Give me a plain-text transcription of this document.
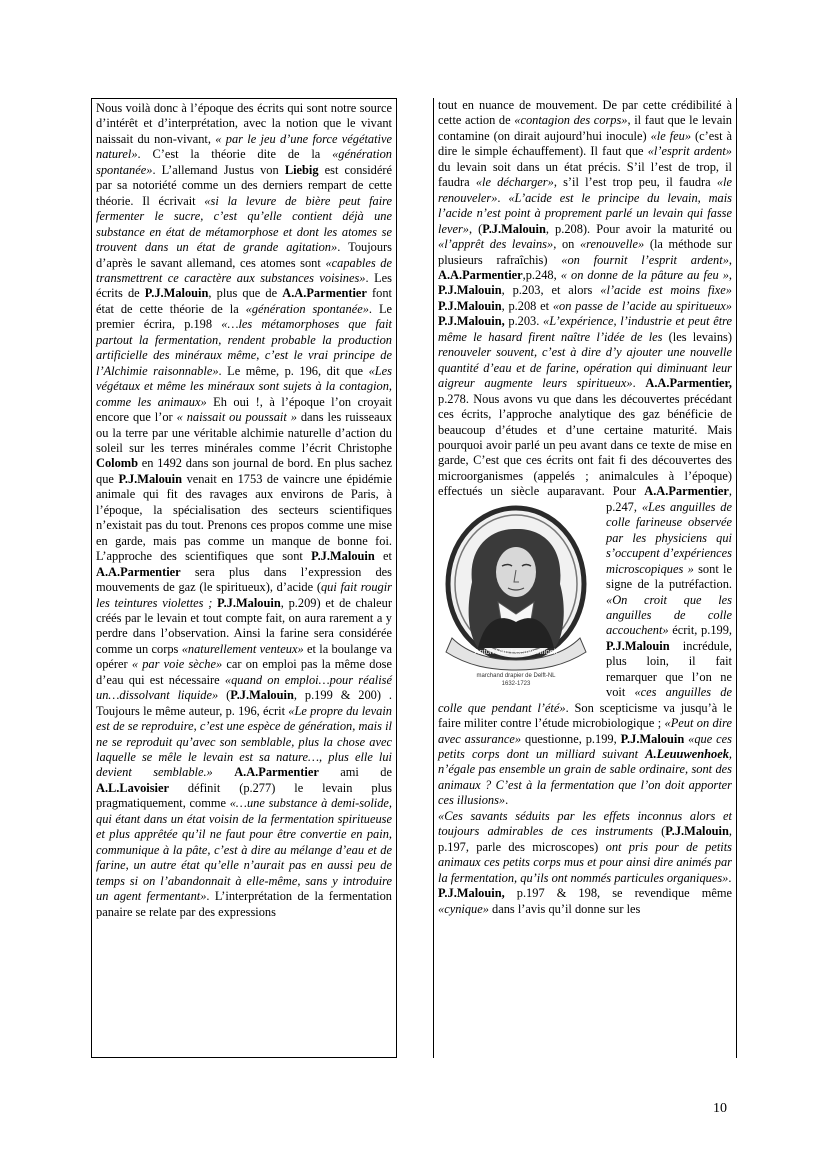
Nous voilà donc à l’époque des écrits qui sont notre source d’intérêt et d’interprétation, avec la notion que le vivant naissait du non-vivant, « par le jeu d’une force végétative naturel». C’est la théorie dite de la «génération spontanée». L’allemand Justus von Liebig est considéré par sa notoriété comme un des derniers rempart de cette théorie. Il écrivait «si la levure de bière peut faire fermenter le sucre, c’est qu’elle contient déjà une substance en état de métamorphose et dont les atomes se trouvent dans un état de grande agitation». Toujours d’après le savant allemand, ces atomes sont «capables de transmettrent ce caractère aux substances voisines». Les écrits de P.J.Malouin, plus que de A.A.Parmentier font état de cette théorie de la «génération spontanée». Le premier écrira, p.198 «…les métamorphoses que fait partout la fermentation, rendent probable la production artificielle des minéraux même, c’est le vrai principe de l’Alchimie raisonnable». Le même, p. 196, dit que «Les végétaux et même les minéraux sont sujets à la contagion, comme les animaux» Eh oui !, à l’époque l’on croyait encore que l’or « naissait ou poussait » dans les ruisseaux ou la terre par une véritable alchimie naturelle d’action du soleil sur les terres minérales comme l’écrit Christophe Colomb en 1492 dans son journal de bord. En plus sachez que P.J.Malouin venait en 1753 de vaincre une épidémie animale qui fit des ravages aux environs de Paris, à l’époque, la spécialisation des secteurs scientifiques n’existait pas du tout. Prenons ces propos comme une mise en garde, mais pas comme un manque de bonne foi. L’approche des scientifiques que sont P.J.Malouin et A.A.Parmentier sera plus dans l’expression des mouvements de gaz (le spiritueux), d’acide (qui fait rougir les teintures violettes ; P.J.Malouin, p.209) et de chaleur créés par le levain et tout compte fait, on aura rarement a y perdre dans l’observation. Ainsi la farine sera considérée comme un corps «naturellement venteux» et la boulange va opérer « par voie sèche» car on emploi pas la même dose d’eau qui est nécessaire «quand on emploi…pour réalisé un…dissolvant liquide» (P.J.Malouin, p.199 & 200) . Toujours le même auteur, p. 196, écrit «Le propre du levain est de se reproduire, c’est une espèce de génération, mais il ne se reproduit qu’avec son semblable, plus la chose avec laquelle se mêle le levain est sa nature…, plus elle lui devient semblable.» A.A.Parmentier ami de A.L.Lavoisier définit (p.277) le levain plus pragmatiquement, comme «…une substance à demi-solide, qui étant dans un état voisin de la fermentation spiritueuse et plus apprêtée qu’il ne faut pour être convertie en pain, communique à la pâte, c’est à dire au mélange d’eau et de farine, un autre état qu’elle n’aurait pas en aussi peu de temps si on l’abandonnait à elle-même, sans y introduire un agent fermentant». L’interprétation de la fermentation panaire se relate par des expressions

tout en nuance de mouvement. De par cette crédibilité à cette action de «contagion des corps», il faut que le levain contamine (on dirait aujourd’hui inocule) «le feu» (c’est à dire le simple échauffement). Il faut que «l’esprit ardent» du levain soit dans un état précis. S’il l’est de trop, il faudra «le décharger», s’il l’est trop peu, il faudra «le renouveler». «L’acide est le principe du levain, mais l’acide n’est point à proprement parlé un levain qui fasse lever», (P.J.Malouin, p.208). Pour avoir la maturité ou «l’apprêt des levains», on «renouvelle» (la méthode sur plusieurs rafraîchis) «on fournit l’esprit ardent», A.A.Parmentier,p.248, « on donne de la pâture au feu », P.J.Malouin, p.203, et alors «l’acide est moins fixe» P.J.Malouin, p.208 et «on passe de l’acide au spiritueux» P.J.Malouin, p.203. «L’expérience, l’industrie et peut être même le hasard firent naître l’idée de les (les levains) renouveler souvent, c’est à dire d’y ajouter une nouvelle quantité d’eau et de farine, opération qui diminuant leur aigreur augmente leurs spiritueux». A.A.Parmentier, p.278. Nous avons vu que dans les découvertes précédant ces écrits, l’approche analytique des gaz bénéficie de beaucoup d’études et d’une certaine maturité. Mais pourquoi avoir parlé un peu avant dans ce texte de mise en garde, C’est que ces écrits ont fait fi des découvertes des microorganismes (appelés ; animalcules à l’époque) effectués un siècle auparavant. Pour A.A.Parmentier, p.247,
Anton Van Leeuwenhoek
marchand drapier de Delft-NL
1632-1723
«Les anguilles de colle farineuse observée par les physiciens qui s’occupent d’expériences microscopiques » sont le signe de la putréfaction. «On croit que les anguilles de colle accouchent» écrit, p.199, P.J.Malouin incrédule, plus loin, il fait remarquer que l’on ne voit «ces anguilles de colle que pendant l’été». Son scepticisme va jusqu’à le faire militer contre l’étude microbiologique ; «Peut on dire avec assurance» questionne, p.199, P.J.Malouin «que ces petits corps dont un milliard suivant A.Leuuwenhoek, n’égale pas ensemble un grain de sable ordinaire, sont des animaux ? C’est à la fermentation que l’on doit apporter ces illusions».
«Ces savants séduits par les effets inconnus alors et toujours admirables de ces instruments (P.J.Malouin, p.197, parle des microscopes) ont pris pour de petits animaux ces petits corps mus et pour ainsi dire animés par la fermentation, qu’ils ont nommés particules organiques».
P.J.Malouin, p.197 & 198, se revendique même «cynique» dans l’avis qu’il donne sur les

10
